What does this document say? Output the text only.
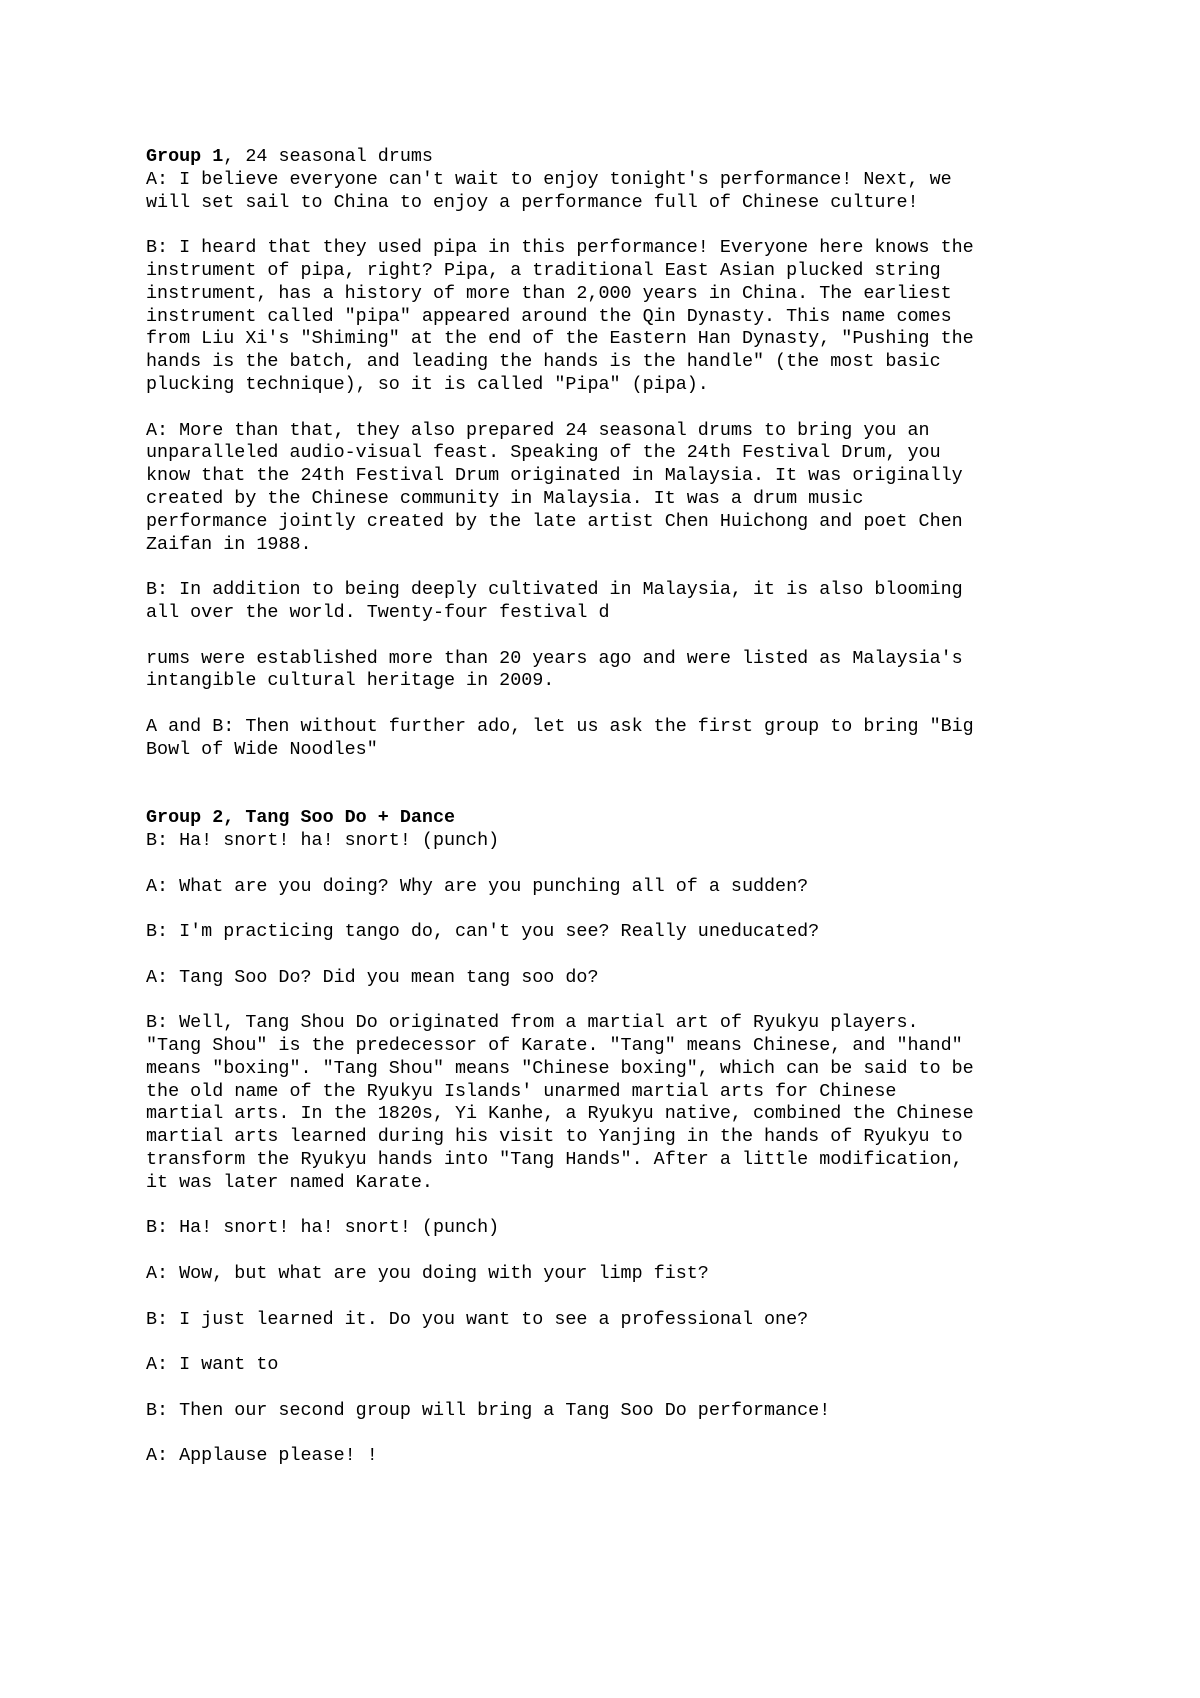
Group 1, 24 seasonal drums

A: I believe everyone can't wait to enjoy tonight's performance! Next, we
will set sail to China to enjoy a performance full of Chinese culture!

B: I heard that they used pipa in this performance! Everyone here knows the
instrument of pipa, right? Pipa, a traditional East Asian plucked string
instrument, has a history of more than 2,000 years in China. The earliest
instrument called "pipa" appeared around the Qin Dynasty. This name comes
from Liu Xi's "Shiming" at the end of the Eastern Han Dynasty, "Pushing the
hands is the batch, and leading the hands is the handle" (the most basic
plucking technique), so it is called "Pipa" (pipa).

A: More than that, they also prepared 24 seasonal drums to bring you an
unparalleled audio-visual feast. Speaking of the 24th Festival Drum, you
know that the 24th Festival Drum originated in Malaysia. It was originally
created by the Chinese community in Malaysia. It was a drum music
performance jointly created by the late artist Chen Huichong and poet Chen
Zaifan in 1988.

B: In addition to being deeply cultivated in Malaysia, it is also blooming
all over the world. Twenty-four festival d

rums were established more than 20 years ago and were listed as Malaysia's
intangible cultural heritage in 2009.

A and B: Then without further ado, let us ask the first group to bring "Big
Bowl of Wide Noodles"

Group 2, Tang Soo Do + Dance

B: Ha! snort! ha! snort! (punch)

A: What are you doing? Why are you punching all of a sudden?

B: I'm practicing tango do, can't you see? Really uneducated?

A: Tang Soo Do? Did you mean tang soo do?

B: Well, Tang Shou Do originated from a martial art of Ryukyu players.
"Tang Shou" is the predecessor of Karate. "Tang" means Chinese, and "hand"
means "boxing". "Tang Shou" means "Chinese boxing", which can be said to be
the old name of the Ryukyu Islands' unarmed martial arts for Chinese
martial arts. In the 1820s, Yi Kanhe, a Ryukyu native, combined the Chinese
martial arts learned during his visit to Yanjing in the hands of Ryukyu to
transform the Ryukyu hands into "Tang Hands". After a little modification,
it was later named Karate.

B: Ha! snort! ha! snort! (punch)

A: Wow, but what are you doing with your limp fist?

B: I just learned it. Do you want to see a professional one?

A: I want to

B: Then our second group will bring a Tang Soo Do performance!

A: Applause please! !
